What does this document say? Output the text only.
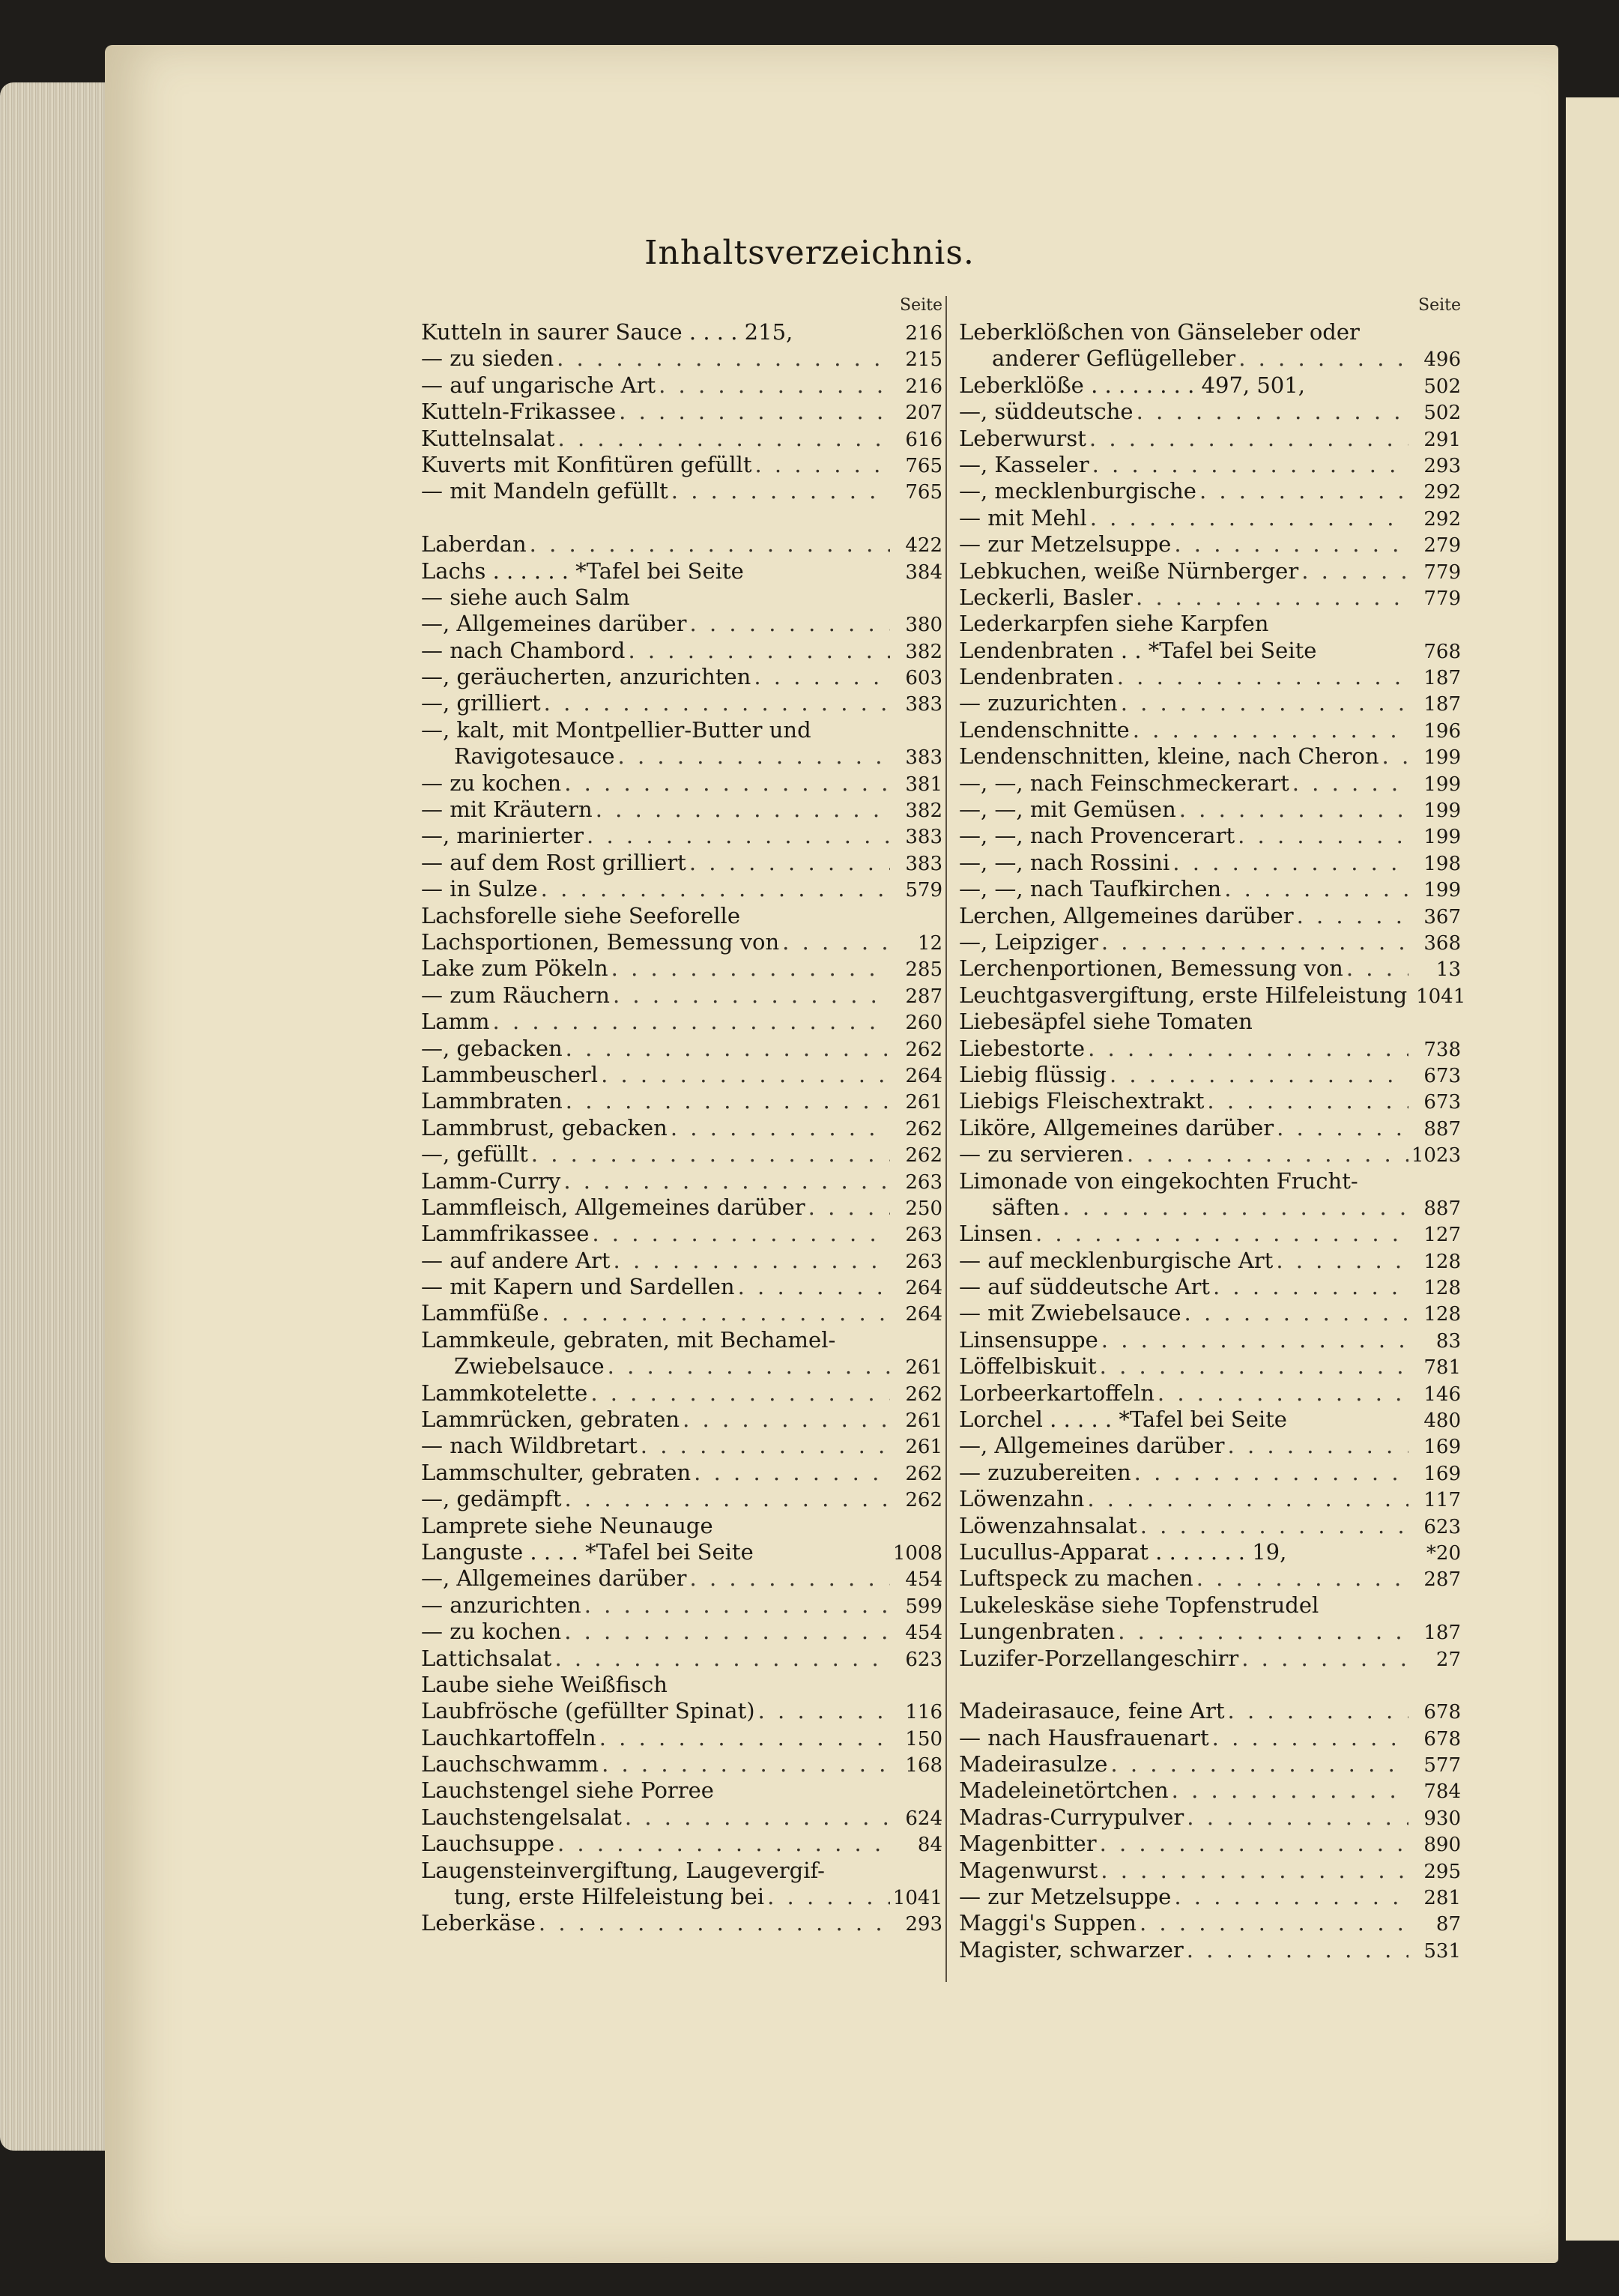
Inhaltsverzeichnis.
Seite
Kutteln in saurer Sauce . . . . 215,	216
— zu sieden . . .	215
— auf ungarische Art . . .	216
Kutteln-Frikassee . . .	207
Kuttelnsalat . . .	616
Kuverts mit Konfitüren gefüllt . . .	765
— mit Mandeln gefüllt . . .	765
Laberdan . . .	422
Lachs . . . . . . *Tafel bei Seite	384
— siehe auch Salm
—, Allgemeines darüber . . .	380
— nach Chambord . . .	382
—, geräucherten, anzurichten . . .	603
—, grilliert . . .	383
—, kalt, mit Montpellier-Butter und
Ravigotesauce . . .	383
— zu kochen . . .	381
— mit Kräutern . . .	382
—, marinierter . . .	383
— auf dem Rost grilliert . . .	383
— in Sulze . . .	579
Lachsforelle siehe Seeforelle
Lachsportionen, Bemessung von . . .	12
Lake zum Pökeln . . .	285
— zum Räuchern . . .	287
Lamm . . .	260
—, gebacken . . .	262
Lammbeuscherl . . .	264
Lammbraten . . .	261
Lammbrust, gebacken . . .	262
—, gefüllt . . .	262
Lamm-Curry . . .	263
Lammfleisch, Allgemeines darüber . . .	250
Lammfrikassee . . .	263
— auf andere Art . . .	263
— mit Kapern und Sardellen . . .	264
Lammfüße . . .	264
Lammkeule, gebraten, mit Bechamel-
Zwiebelsauce . . .	261
Lammkotelette . . .	262
Lammrücken, gebraten . . .	261
— nach Wildbretart . . .	261
Lammschulter, gebraten . . .	262
—, gedämpft . . .	262
Lamprete siehe Neunauge
Languste . . . . *Tafel bei Seite	1008
—, Allgemeines darüber . . .	454
— anzurichten . . .	599
— zu kochen . . .	454
Lattichsalat . . .	623
Laube siehe Weißfisch
Laubfrösche (gefüllter Spinat) . . .	116
Lauchkartoffeln . . .	150
Lauchschwamm . . .	168
Lauchstengel siehe Porree
Lauchstengelsalat . . .	624
Lauchsuppe . . .	84
Laugensteinvergiftung, Laugevergif-
tung, erste Hilfeleistung bei . . .	1041
Leberkäse . . .	293
Seite
Leberklößchen von Gänseleber oder
anderer Geflügelleber . . .	496
Leberklöße . . . . . . . . 497, 501,	502
—, süddeutsche . . .	502
Leberwurst . . .	291
—, Kasseler . . .	293
—, mecklenburgische . . .	292
— mit Mehl . . .	292
— zur Metzelsuppe . . .	279
Lebkuchen, weiße Nürnberger . . .	779
Leckerli, Basler . . .	779
Lederkarpfen siehe Karpfen
Lendenbraten . . *Tafel bei Seite	768
Lendenbraten . . .	187
— zuzurichten . . .	187
Lendenschnitte . . .	196
Lendenschnitten, kleine, nach Cheron . . .	199
—, —, nach Feinschmeckerart . . .	199
—, —, mit Gemüsen . . .	199
—, —, nach Provencerart . . .	199
—, —, nach Rossini . . .	198
—, —, nach Taufkirchen . . .	199
Lerchen, Allgemeines darüber . . .	367
—, Leipziger . . .	368
Lerchenportionen, Bemessung von . . .	13
Leuchtgasvergiftung, erste Hilfeleistung 1041
Liebesäpfel siehe Tomaten
Liebestorte . . .	738
Liebig flüssig . . .	673
Liebigs Fleischextrakt . . .	673
Liköre, Allgemeines darüber . . .	887
— zu servieren . . .	1023
Limonade von eingekochten Frucht-
säften . . .	887
Linsen . . .	127
— auf mecklenburgische Art . . .	128
— auf süddeutsche Art . . .	128
— mit Zwiebelsauce . . .	128
Linsensuppe . . .	83
Löffelbiskuit . . .	781
Lorbeerkartoffeln . . .	146
Lorchel . . . . . *Tafel bei Seite	480
—, Allgemeines darüber . . .	169
— zuzubereiten . . .	169
Löwenzahn . . .	117
Löwenzahnsalat . . .	623
Lucullus-Apparat . . . . . . . 19,	*20
Luftspeck zu machen . . .	287
Lukeleskäse siehe Topfenstrudel
Lungenbraten . . .	187
Luzifer-Porzellangeschirr . . .	27
Madeirasauce, feine Art . . .	678
— nach Hausfrauenart . . .	678
Madeirasulze . . .	577
Madeleinetörtchen . . .	784
Madras-Currypulver . . .	930
Magenbitter . . .	890
Magenwurst . . .	295
— zur Metzelsuppe . . .	281
Maggi's Suppen . . .	87
Magister, schwarzer . . .	531
